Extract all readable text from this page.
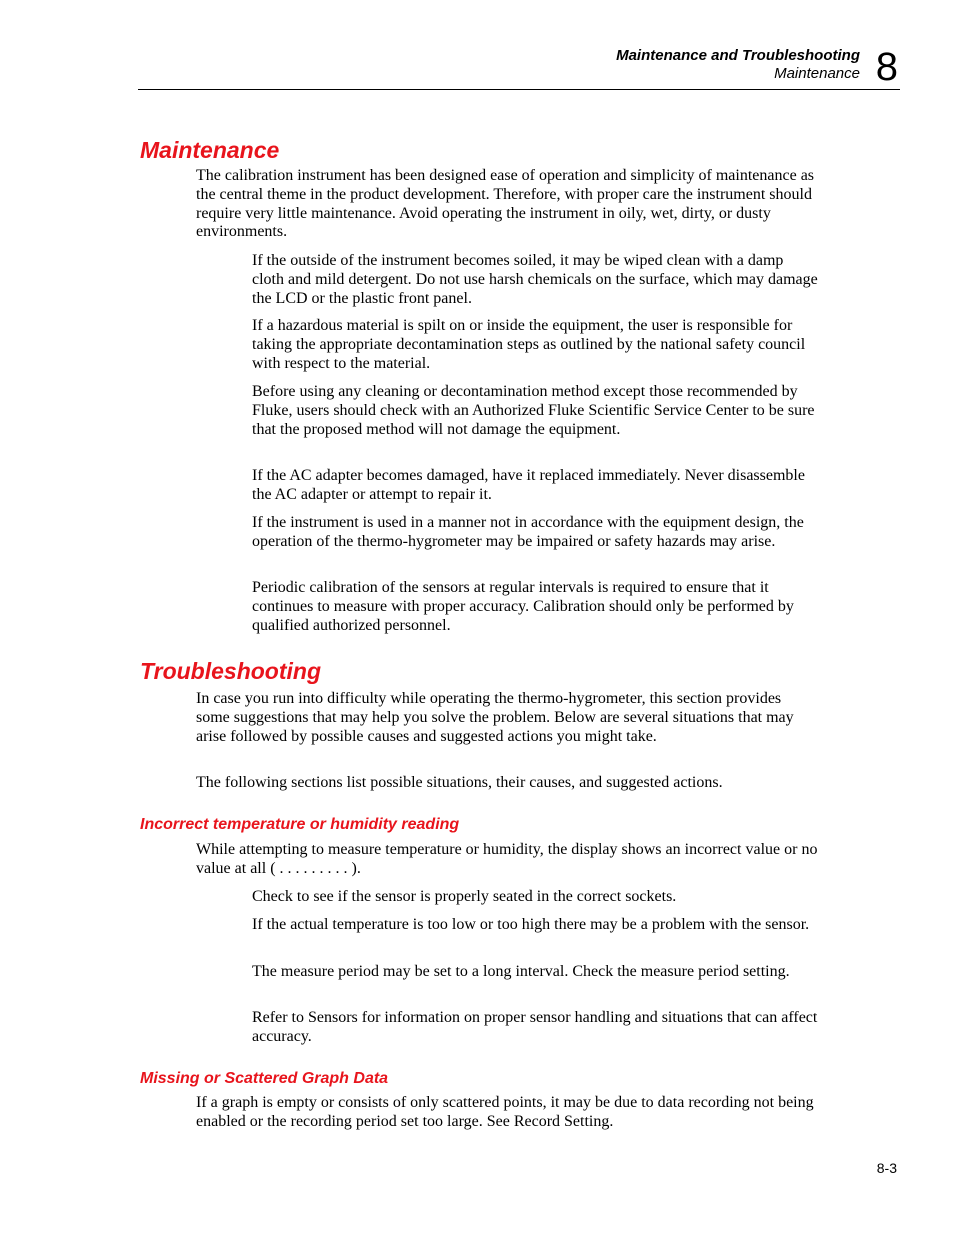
Maintenance and Troubleshooting
Maintenance 8
Maintenance

The calibration instrument has been designed ease of operation and simplicity of maintenance as the central theme in the product development. Therefore, with proper care the instrument should require very little maintenance. Avoid operating the instrument in oily, wet, dirty, or dusty environments.

If the outside of the instrument becomes soiled, it may be wiped clean with a damp cloth and mild detergent. Do not use harsh chemicals on the surface, which may damage the LCD or the plastic front panel.

If a hazardous material is spilt on or inside the equipment, the user is responsible for taking the appropriate decontamination steps as outlined by the national safety council with respect to the material.

Before using any cleaning or decontamination method except those recommended by Fluke, users should check with an Authorized Fluke Scientific Service Center to be sure that the proposed method will not damage the equipment.

If the AC adapter becomes damaged, have it replaced immediately. Never disassemble the AC adapter or attempt to repair it.

If the instrument is used in a manner not in accordance with the equipment design, the operation of the thermo-hygrometer may be impaired or safety hazards may arise.

Periodic calibration of the sensors at regular intervals is required to ensure that it continues to measure with proper accuracy. Calibration should only be performed by qualified authorized personnel.

Troubleshooting

In case you run into difficulty while operating the thermo-hygrometer, this section provides some suggestions that may help you solve the problem. Below are several situations that may arise followed by possible causes and suggested actions you might take.

The following sections list possible situations, their causes, and suggested actions.

Incorrect temperature or humidity reading

While attempting to measure temperature or humidity, the display shows an incorrect value or no value at all ( . . . . . . . . . ).

Check to see if the sensor is properly seated in the correct sockets.

If the actual temperature is too low or too high there may be a problem with the sensor.

The measure period may be set to a long interval. Check the measure period setting.

Refer to Sensors for information on proper sensor handling and situations that can affect accuracy.

Missing or Scattered Graph Data

If a graph is empty or consists of only scattered points, it may be due to data recording not being enabled or the recording period set too large. See Record Setting.

8-3
